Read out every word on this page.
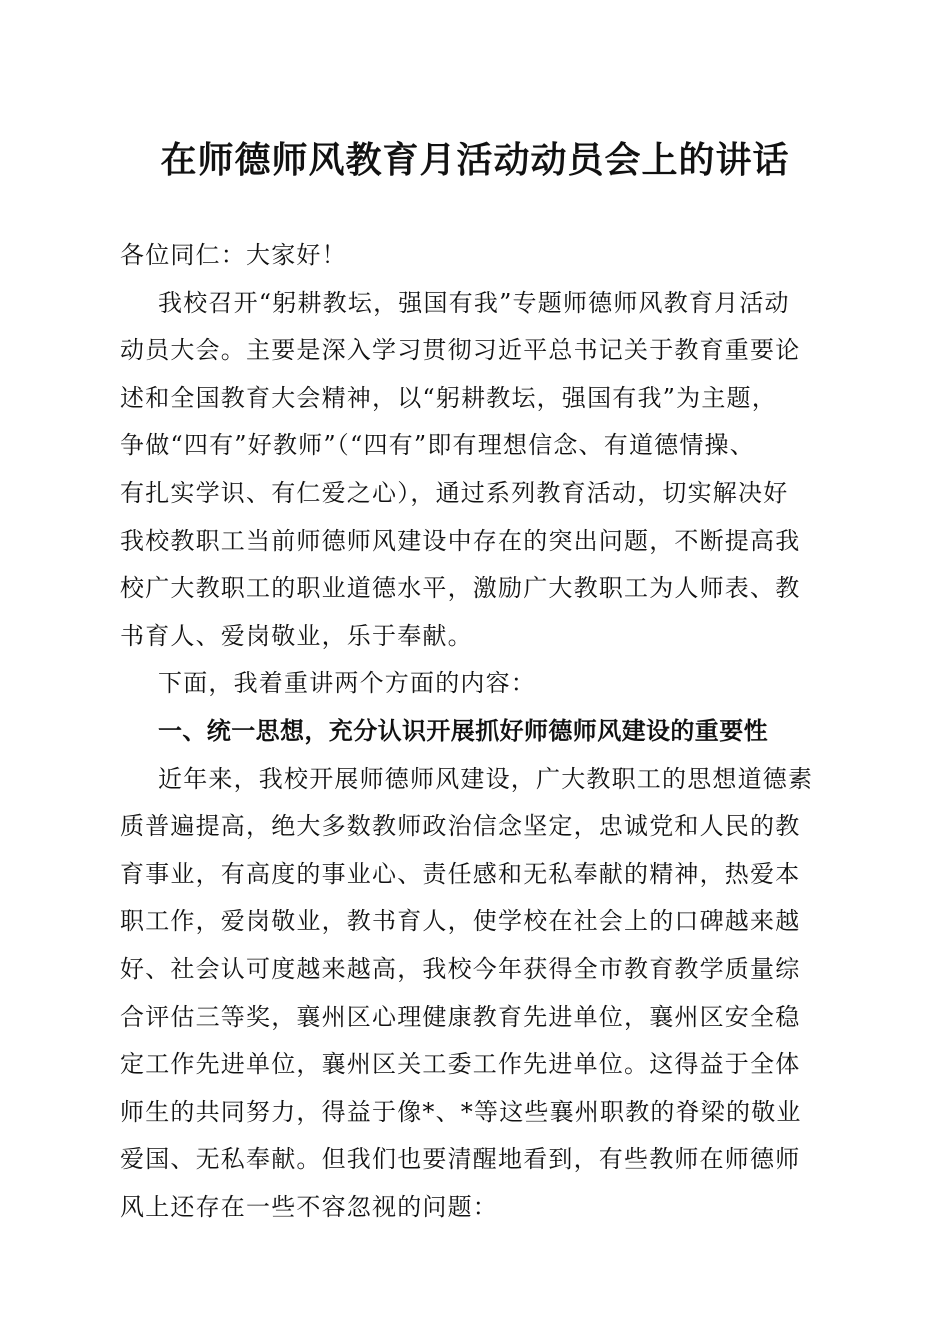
在师德师风教育月活动动员会上的讲话
各位同仁：大家好！
我校召开“躬耕教坛，强国有我”专题师德师风教育月活动
动员大会。主要是深入学习贯彻习近平总书记关于教育重要论
述和全国教育大会精神，以“躬耕教坛，强国有我”为主题，
争做“四有”好教师”（“四有”即有理想信念、有道德情操、
有扎实学识、有仁爱之心），通过系列教育活动，切实解决好
我校教职工当前师德师风建设中存在的突出问题，不断提高我
校广大教职工的职业道德水平，激励广大教职工为人师表、教
书育人、爱岗敬业，乐于奉献。
下面，我着重讲两个方面的内容：
一、统一思想，充分认识开展抓好师德师风建设的重要性
近年来，我校开展师德师风建设，广大教职工的思想道德素
质普遍提高，绝大多数教师政治信念坚定，忠诚党和人民的教
育事业，有高度的事业心、责任感和无私奉献的精神，热爱本
职工作，爱岗敬业，教书育人，使学校在社会上的口碑越来越
好、社会认可度越来越高，我校今年获得全市教育教学质量综
合评估三等奖，襄州区心理健康教育先进单位，襄州区安全稳
定工作先进单位，襄州区关工委工作先进单位。这得益于全体
师生的共同努力，得益于像*、*等这些襄州职教的脊梁的敬业
爱国、无私奉献。但我们也要清醒地看到，有些教师在师德师
风上还存在一些不容忽视的问题：
